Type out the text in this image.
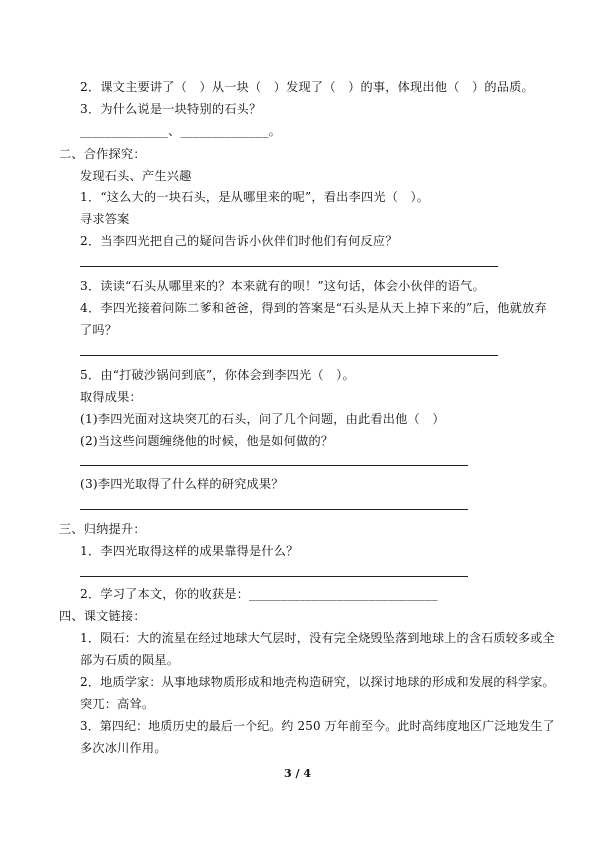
2．课文主要讲了（　）从一块（　）发现了（　）的事，体现出他（　）的品质。
3．为什么说是一块特别的石头？
______________、______________。
二、合作探究：
发现石头、产生兴趣
1．“这么大的一块石头，是从哪里来的呢”，看出李四光（　）。
寻求答案
2．当李四光把自己的疑问告诉小伙伴们时他们有何反应？
3．读读“石头从哪里来的？本来就有的呗！”这句话，体会小伙伴的语气。
4．李四光接着问陈二爹和爸爸，得到的答案是“石头是从天上掉下来的”后，他就放弃
了吗？
5．由“打破沙锅问到底”，你体会到李四光（　）。
取得成果：
(1)李四光面对这块突兀的石头，问了几个问题，由此看出他（　）
(2)当这些问题缠绕他的时候，他是如何做的？
(3)李四光取得了什么样的研究成果？
三、归纳提升：
1．李四光取得这样的成果靠得是什么？
2．学习了本文，你的收获是：______________________________
四、课文链接：
1．陨石：大的流星在经过地球大气层时，没有完全烧毁坠落到地球上的含石质较多或全
部为石质的陨星。
2．地质学家：从事地球物质形成和地壳构造研究，以探讨地球的形成和发展的科学家。
突兀：高耸。
3．第四纪：地质历史的最后一个纪。约 250 万年前至今。此时高纬度地区广泛地发生了
多次冰川作用。
3 / 4
